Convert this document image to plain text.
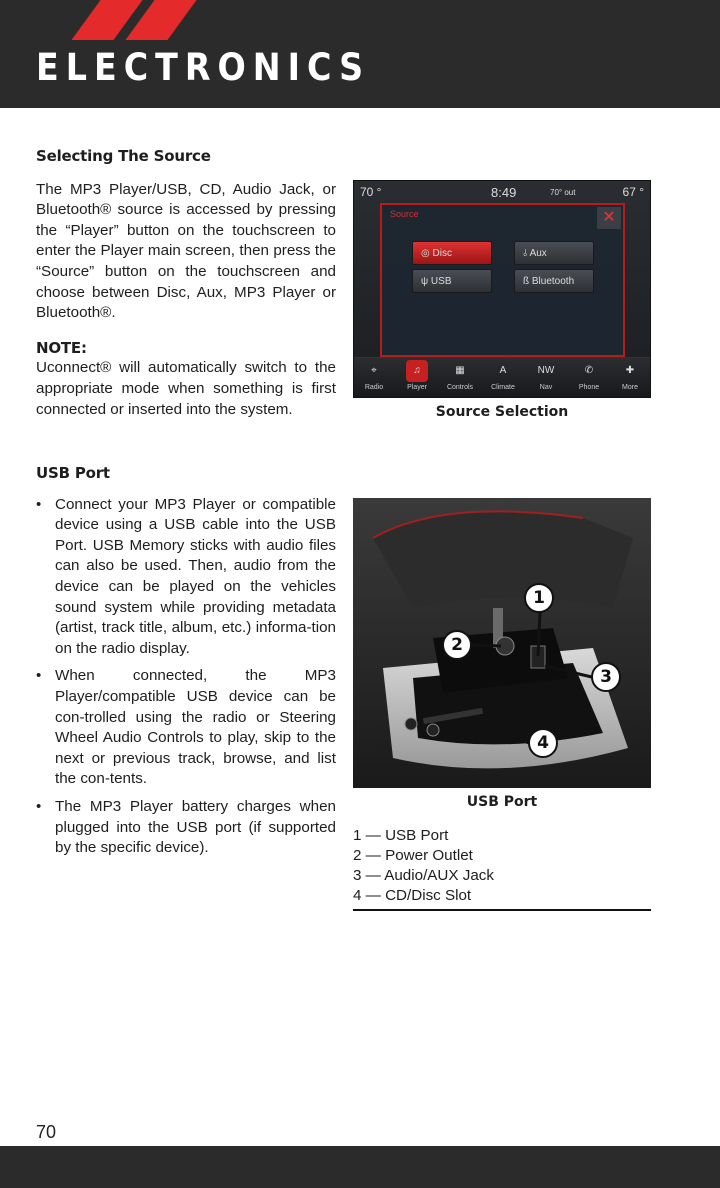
ELECTRONICS
Selecting The Source

The MP3 Player/USB, CD, Audio Jack, or Bluetooth® source is accessed by pressing the “Player” button on the touchscreen to enter the Player main screen, then press the “Source” button on the touchscreen and choose between Disc, Aux, MP3 Player or Bluetooth®.

NOTE:

Uconnect® will automatically switch to the appropriate mode when something is first connected or inserted into the system.

70 °	8:49	70° out	67 °
Source	✕
◎ Disc	⫰ Aux
ψ USB	ß Bluetooth
⌖
Radio
♫
Player
▦
Controls
A
Climate
NW
Nav
✆
Phone
✚
More
Source Selection
USB Port
• Connect your MP3 Player or compatible device using a USB cable into the USB Port. USB Memory sticks with audio files can also be used. Then, audio from the device can be played on the vehicles sound system while providing metadata (artist, track title, album, etc.) informa-tion on the radio display.
• When connected, the MP3 Player/compatible USB device can be con-trolled using the radio or Steering Wheel Audio Controls to play, skip to the next or previous track, browse, and list the con-tents.
• The MP3 Player battery charges when plugged into the USB port (if supported by the specific device).
1
2
3
4
USB Port
1 — USB Port
2 — Power Outlet
3 — Audio/AUX Jack
4 — CD/Disc Slot
70
